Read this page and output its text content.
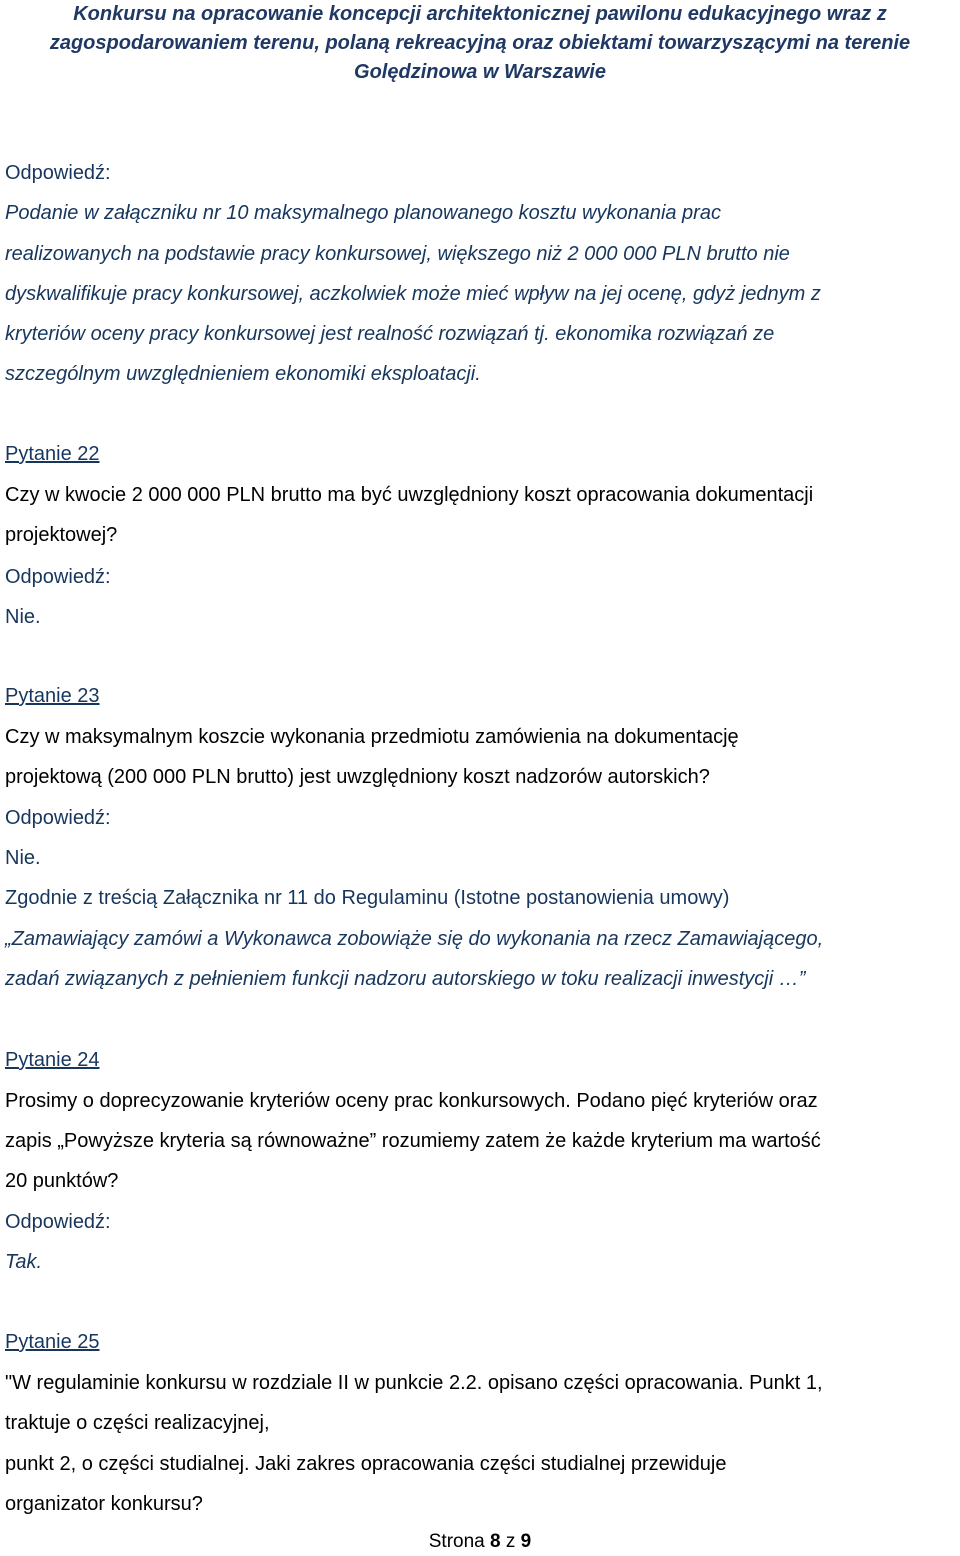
Konkursu na opracowanie koncepcji architektonicznej pawilonu edukacyjnego wraz z
zagospodarowaniem terenu, polaną rekreacyjną oraz obiektami towarzyszącymi na terenie
Golędzinowa w Warszawie
Odpowiedź:
Podanie w załączniku nr 10 maksymalnego planowanego kosztu wykonania prac
realizowanych na podstawie pracy konkursowej, większego niż 2 000 000 PLN brutto nie
dyskwalifikuje pracy konkursowej, aczkolwiek może mieć wpływ na jej ocenę, gdyż jednym z
kryteriów oceny pracy konkursowej jest realność rozwiązań tj. ekonomika rozwiązań ze
szczególnym uwzględnieniem ekonomiki eksploatacji.
Pytanie 22
Czy w kwocie 2 000 000 PLN brutto ma być uwzględniony koszt opracowania dokumentacji
projektowej?
Odpowiedź:
Nie.
Pytanie 23
Czy w maksymalnym koszcie wykonania przedmiotu zamówienia na dokumentację
projektową (200 000 PLN brutto) jest uwzględniony koszt nadzorów autorskich?
Odpowiedź:
Nie.
Zgodnie z treścią Załącznika nr 11 do Regulaminu (Istotne postanowienia umowy)
„Zamawiający zamówi a Wykonawca zobowiąże się do wykonania na rzecz Zamawiającego,
zadań związanych z pełnieniem funkcji nadzoru autorskiego w toku realizacji inwestycji …”
Pytanie 24
Prosimy o doprecyzowanie kryteriów oceny prac konkursowych. Podano pięć kryteriów oraz
zapis „Powyższe kryteria są równoważne” rozumiemy zatem że każde kryterium ma wartość
20 punktów?
Odpowiedź:
Tak.
Pytanie 25
"W regulaminie konkursu w rozdziale II w punkcie 2.2. opisano części opracowania. Punkt 1,
traktuje o części realizacyjnej,
punkt 2, o części studialnej. Jaki zakres opracowania części studialnej przewiduje
organizator konkursu?
Strona 8 z 9
